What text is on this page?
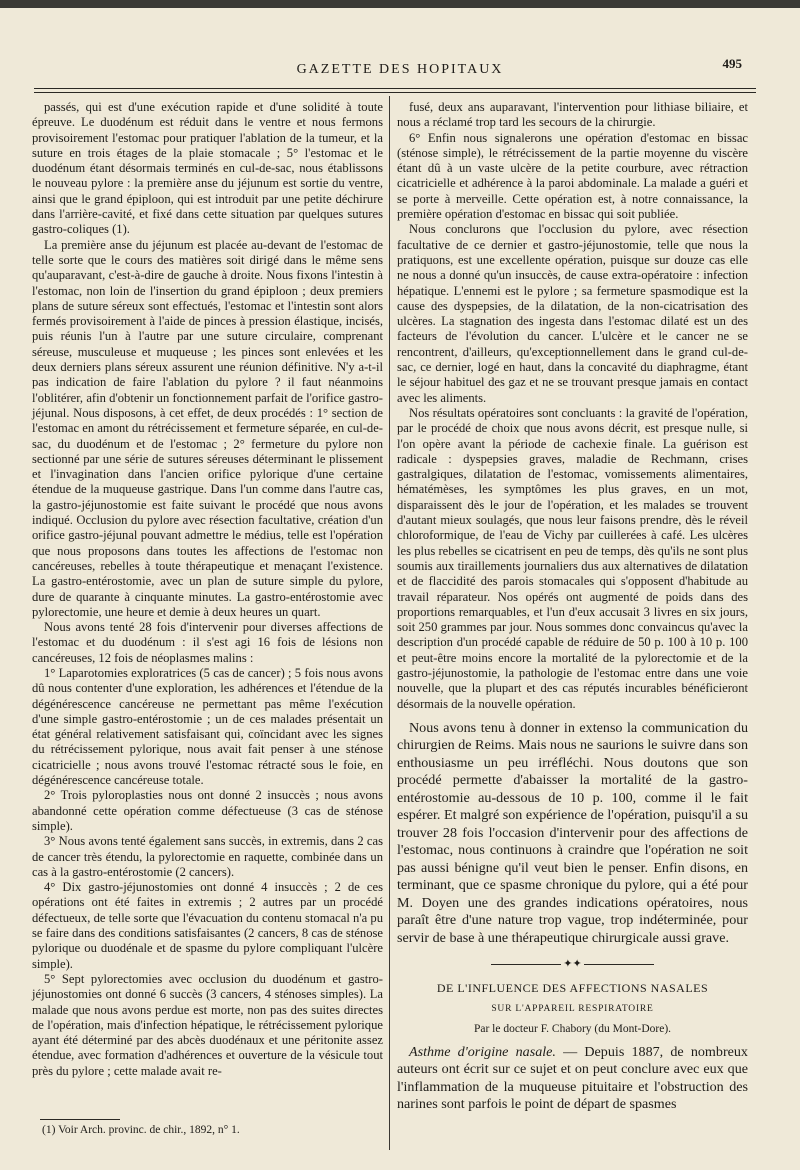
GAZETTE DES HOPITAUX	495

passés, qui est d'une exécution rapide et d'une solidité à toute épreuve. Le duodénum est réduit dans le ventre et nous fermons provisoirement l'estomac pour pratiquer l'ablation de la tumeur, et la suture en trois étages de la plaie stomacale ; 5° l'estomac et le duodénum étant désormais terminés en cul-de-sac, nous établissons le nouveau pylore : la première anse du jéjunum est sortie du ventre, ainsi que le grand épiploon, qui est introduit par une petite déchirure dans l'arrière-cavité, et fixé dans cette situation par quelques sutures gastro-coliques (1).

La première anse du jéjunum est placée au-devant de l'estomac de telle sorte que le cours des matières soit dirigé dans le même sens qu'auparavant, c'est-à-dire de gauche à droite. Nous fixons l'intestin à l'estomac, non loin de l'insertion du grand épiploon ; deux premiers plans de suture séreux sont effectués, l'estomac et l'intestin sont alors fermés provisoirement à l'aide de pinces à pression élastique, incisés, puis réunis l'un à l'autre par une suture circulaire, comprenant séreuse, musculeuse et muqueuse ; les pinces sont enlevées et les deux derniers plans séreux assurent une réunion définitive. N'y a-t-il pas indication de faire l'ablation du pylore ? il faut néanmoins l'oblitérer, afin d'obtenir un fonctionnement parfait de l'orifice gastro-jéjunal. Nous disposons, à cet effet, de deux procédés : 1° section de l'estomac en amont du rétrécissement et fermeture séparée, en cul-de-sac, du duodénum et de l'estomac ; 2° fermeture du pylore non sectionné par une série de sutures séreuses déterminant le plissement et l'invagination dans l'ancien orifice pylorique d'une certaine étendue de la muqueuse gastrique. Dans l'un comme dans l'autre cas, la gastro-jéjunostomie est faite suivant le procédé que nous avons indiqué. Occlusion du pylore avec résection facultative, création d'un orifice gastro-jéjunal pouvant admettre le médius, telle est l'opération que nous proposons dans toutes les affections de l'estomac non cancéreuses, rebelles à toute thérapeutique et menaçant l'existence. La gastro-entérostomie, avec un plan de suture simple du pylore, dure de quarante à cinquante minutes. La gastro-entérostomie avec pylorectomie, une heure et demie à deux heures un quart.

Nous avons tenté 28 fois d'intervenir pour diverses affections de l'estomac et du duodénum : il s'est agi 16 fois de lésions non cancéreuses, 12 fois de néoplasmes malins :

1° Laparotomies exploratrices (5 cas de cancer) ; 5 fois nous avons dû nous contenter d'une exploration, les adhérences et l'étendue de la dégénérescence cancéreuse ne permettant pas même l'exécution d'une simple gastro-entérostomie ; un de ces malades présentait un état général relativement satisfaisant qui, coïncidant avec les signes du rétrécissement pylorique, nous avait fait penser à une sténose cicatricielle ; nous avons trouvé l'estomac rétracté sous le foie, en dégénérescence cancéreuse totale.

2° Trois pyloroplasties nous ont donné 2 insuccès ; nous avons abandonné cette opération comme défectueuse (3 cas de sténose simple).

3° Nous avons tenté également sans succès, in extremis, dans 2 cas de cancer très étendu, la pylorectomie en raquette, combinée dans un cas à la gastro-entérostomie (2 cancers).

4° Dix gastro-jéjunostomies ont donné 4 insuccès ; 2 de ces opérations ont été faites in extremis ; 2 autres par un procédé défectueux, de telle sorte que l'évacuation du contenu stomacal n'a pu se faire dans des conditions satisfaisantes (2 cancers, 8 cas de sténose pylorique ou duodénale et de spasme du pylore compliquant l'ulcère simple).

5° Sept pylorectomies avec occlusion du duodénum et gastro-jéjunostomies ont donné 6 succès (3 cancers, 4 sténoses simples). La malade que nous avons perdue est morte, non pas des suites directes de l'opération, mais d'infection hépatique, le rétrécissement pylorique ayant été déterminé par des abcès duodénaux et une péritonite assez étendue, avec formation d'adhérences et ouverture de la vésicule tout près du pylore ; cette malade avait re-

(1) Voir Arch. provinc. de chir., 1892, n° 1.

fusé, deux ans auparavant, l'intervention pour lithiase biliaire, et nous a réclamé trop tard les secours de la chirurgie.

6° Enfin nous signalerons une opération d'estomac en bissac (sténose simple), le rétrécissement de la partie moyenne du viscère étant dû à un vaste ulcère de la petite courbure, avec rétraction cicatricielle et adhérence à la paroi abdominale. La malade a guéri et se porte à merveille. Cette opération est, à notre connaissance, la première opération d'estomac en bissac qui soit publiée.

Nous conclurons que l'occlusion du pylore, avec résection facultative de ce dernier et gastro-jéjunostomie, telle que nous la pratiquons, est une excellente opération, puisque sur douze cas elle ne nous a donné qu'un insuccès, de cause extra-opératoire : infection hépatique. L'ennemi est le pylore ; sa fermeture spasmodique est la cause des dyspepsies, de la dilatation, de la non-cicatrisation des ulcères. La stagnation des ingesta dans l'estomac dilaté est un des facteurs de l'évolution du cancer. L'ulcère et le cancer ne se rencontrent, d'ailleurs, qu'exceptionnellement dans le grand cul-de-sac, ce dernier, logé en haut, dans la concavité du diaphragme, étant le séjour habituel des gaz et ne se trouvant presque jamais en contact avec les aliments.

Nos résultats opératoires sont concluants : la gravité de l'opération, par le procédé de choix que nous avons décrit, est presque nulle, si l'on opère avant la période de cachexie finale. La guérison est radicale : dyspepsies graves, maladie de Rechmann, crises gastralgiques, dilatation de l'estomac, vomissements alimentaires, hématémèses, les symptômes les plus graves, en un mot, disparaissent dès le jour de l'opération, et les malades se trouvent d'autant mieux soulagés, que nous leur faisons prendre, dès le réveil chloroformique, de l'eau de Vichy par cuillerées à café. Les ulcères les plus rebelles se cicatrisent en peu de temps, dès qu'ils ne sont plus soumis aux tiraillements journaliers dus aux alternatives de dilatation et de flaccidité des parois stomacales qui s'opposent d'habitude au travail réparateur. Nos opérés ont augmenté de poids dans des proportions remarquables, et l'un d'eux accusait 3 livres en six jours, soit 250 grammes par jour. Nous sommes donc convaincus qu'avec la description d'un procédé capable de réduire de 50 p. 100 à 10 p. 100 et peut-être moins encore la mortalité de la pylorectomie et de la gastro-jéjunostomie, la pathologie de l'estomac entre dans une voie nouvelle, que la plupart et des cas réputés incurables bénéficieront désormais de la nouvelle opération.

Nous avons tenu à donner in extenso la communication du chirurgien de Reims. Mais nous ne saurions le suivre dans son enthousiasme un peu irréfléchi. Nous doutons que son procédé permette d'abaisser la mortalité de la gastro-entérostomie au-dessous de 10 p. 100, comme il le fait espérer. Et malgré son expérience de l'opération, puisqu'il a su trouver 28 fois l'occasion d'intervenir pour des affections de l'estomac, nous continuons à craindre que l'opération ne soit pas aussi bénigne qu'il veut bien le penser. Enfin disons, en terminant, que ce spasme chronique du pylore, qui a été pour M. Doyen une des grandes indications opératoires, nous paraît être d'une nature trop vague, trop indéterminée, pour servir de base à une thérapeutique chirurgicale aussi grave.

✦✦
DE L'INFLUENCE DES AFFECTIONS NASALES
SUR L'APPAREIL RESPIRATOIRE
Par le docteur F. Chabory (du Mont-Dore).

Asthme d'origine nasale. — Depuis 1887, de nombreux auteurs ont écrit sur ce sujet et on peut conclure avec eux que l'inflammation de la muqueuse pituitaire et l'obstruction des narines sont parfois le point de départ de spasmes
